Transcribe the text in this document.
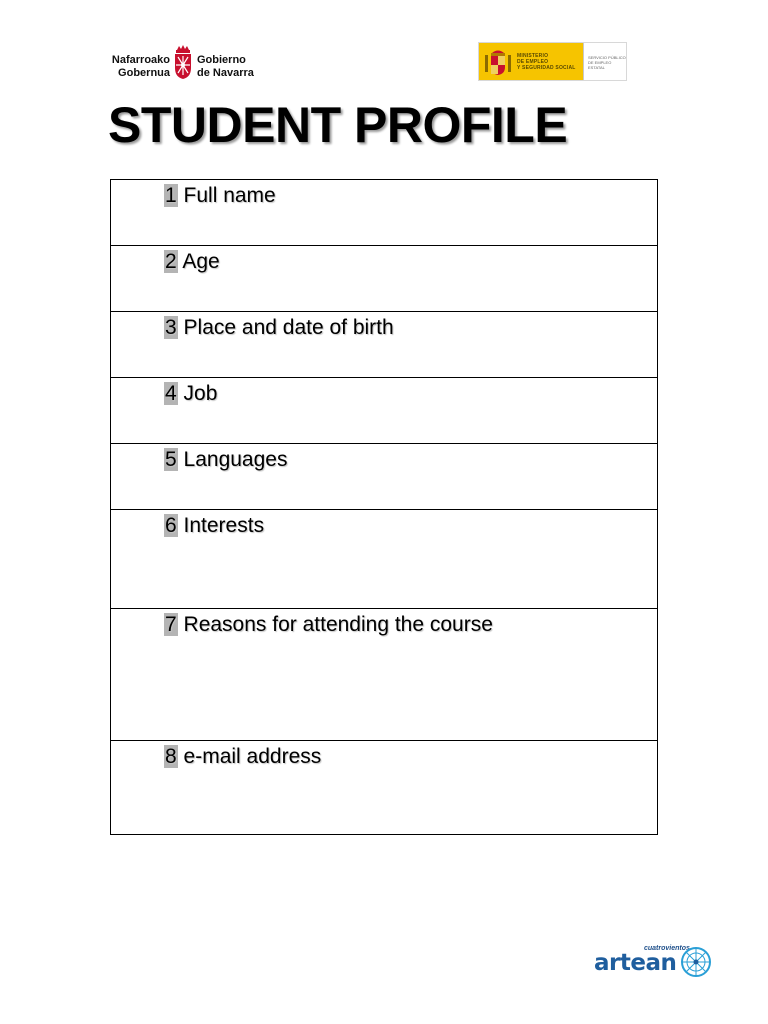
Nafarroako
Gobernua
Gobierno
de Navarra
MINISTERIO
DE EMPLEO
Y SEGURIDAD SOCIAL
SERVICIO PÚBLICO
DE EMPLEO ESTATAL
STUDENT PROFILE
1 Full name

2 Age

3 Place and date of birth

4 Job

5 Languages

6 Interests

7 Reasons for attending the course

8 e-mail address
cuatrovientos
artean
